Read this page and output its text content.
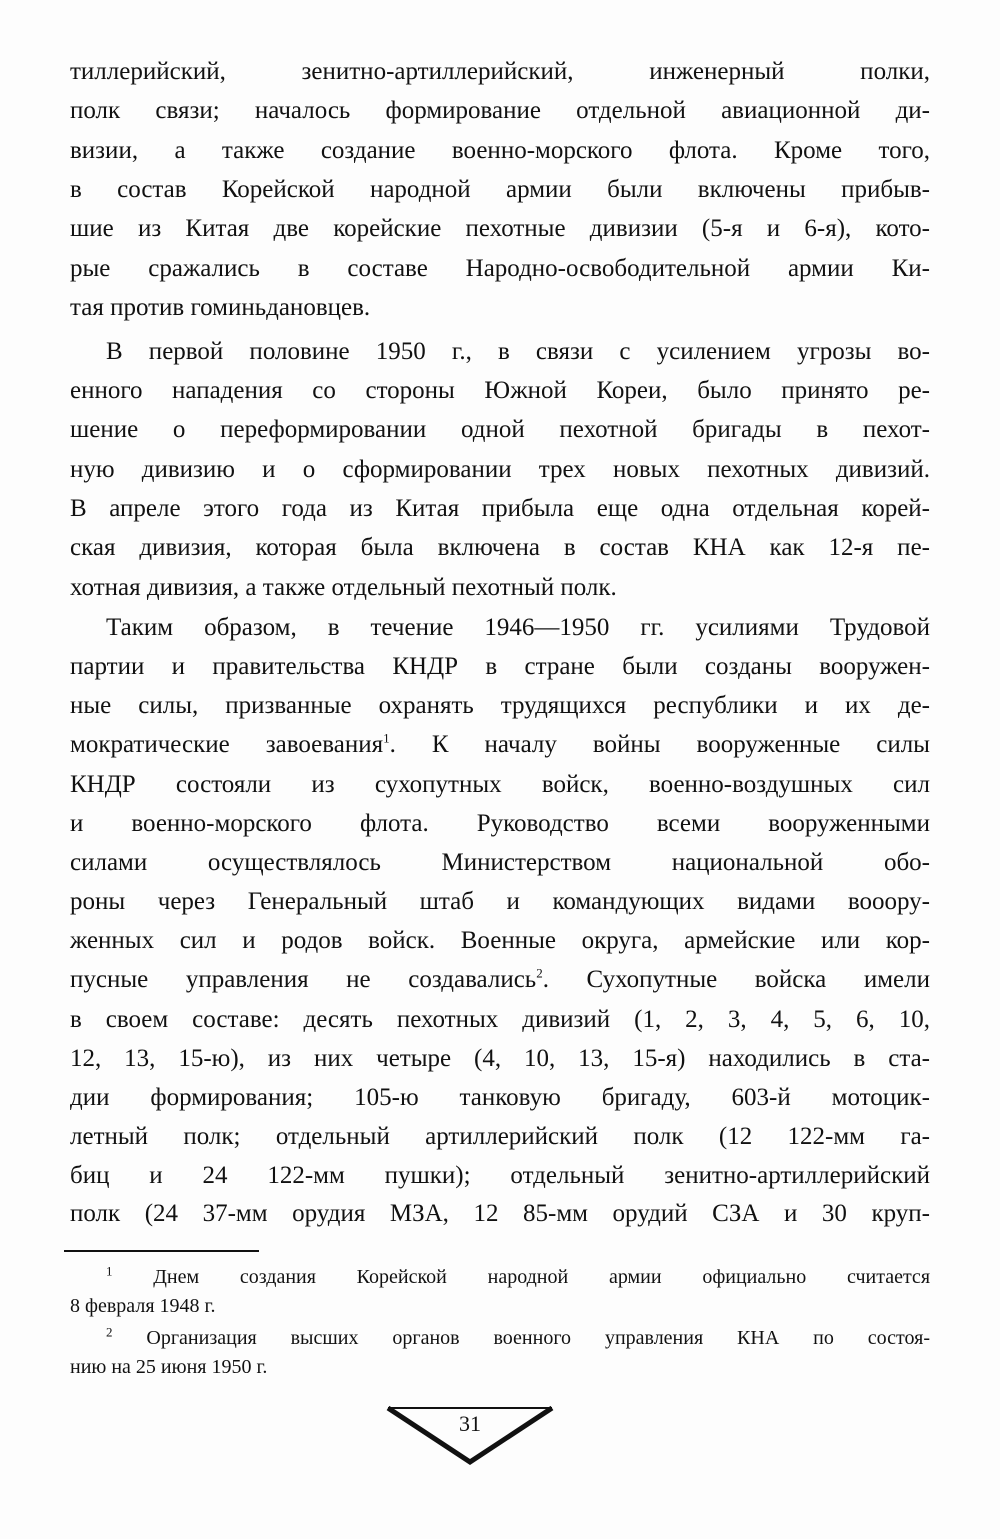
тиллерийский, зенитно-артиллерийский, инженерный полки,
полк связи; началось формирование отдельной авиационной ди-
визии, а также создание военно-морского флота. Кроме того,
в состав Корейской народной армии были включены прибыв-
шие из Китая две корейские пехотные дивизии (5-я и 6-я), кото-
рые сражались в составе Народно-освободительной армии Ки-
тая против гоминьдановцев.
В первой половине 1950 г., в связи с усилением угрозы во-
енного нападения со стороны Южной Кореи, было принято ре-
шение о переформировании одной пехотной бригады в пехот-
ную дивизию и о сформировании трех новых пехотных дивизий.
В апреле этого года из Китая прибыла еще одна отдельная корей-
ская дивизия, которая была включена в состав КНА как 12-я пе-
хотная дивизия, а также отдельный пехотный полк.
Таким образом, в течение 1946—1950 гг. усилиями Трудовой
партии и правительства КНДР в стране были созданы вооружен-
ные силы, призванные охранять трудящихся республики и их де-
мократические завоевания$^1$. К началу войны вооруженные силы
КНДР состояли из сухопутных войск, военно-воздушных сил
и военно-морского флота. Руководство всеми вооруженными
силами осуществлялось Министерством национальной обо-
роны через Генеральный штаб и командующих видами вооору-
женных сил и родов войск. Военные округа, армейские или кор-
пусные управления не создавались$^2$. Сухопутные войска имели
в своем составе: десять пехотных дивизий (1, 2, 3, 4, 5, 6, 10,
12, 13, 15-ю), из них четыре (4, 10, 13, 15-я) находились в ста-
дии формирования; 105-ю танковую бригаду, 603-й мотоцик-
летный полк; отдельный артиллерийский полк (12 122-мм га-
биц и 24 122-мм пушки); отдельный зенитно-артиллерийский
полк (24 37-мм орудия МЗА, 12 85-мм орудий СЗА и 30 круп-
$^1$ Днем создания Корейской народной армии официально считается
8 февраля 1948 г.
$^2$ Организация высших органов военного управления КНА по состоя-
нию на 25 июня 1950 г.
31
